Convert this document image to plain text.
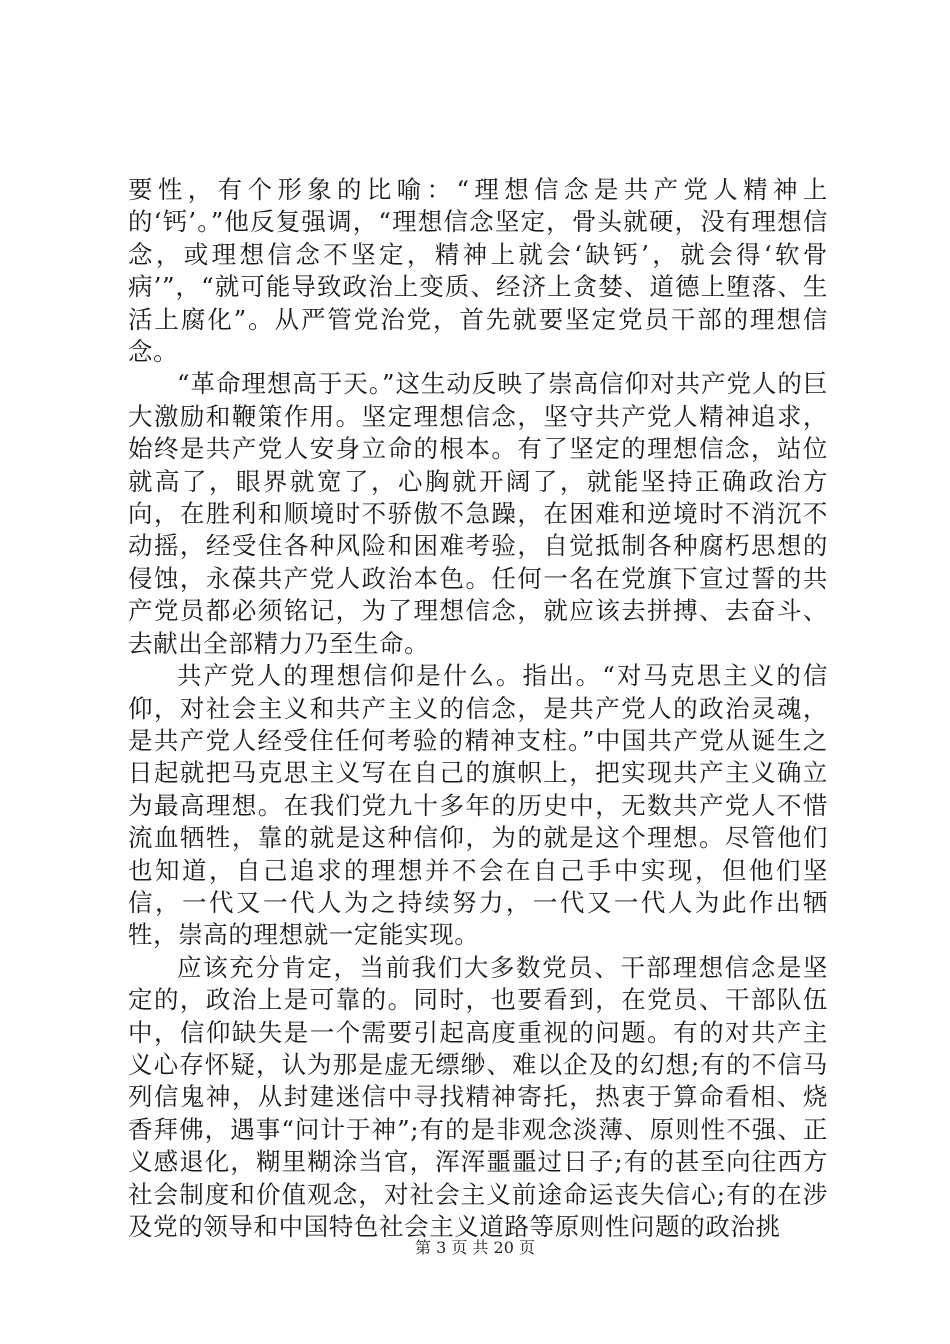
要性，有个形象的比喻：“理想信念是共产党人精神上的‘钙’。”他反复强调，“理想信念坚定，骨头就硬，没有理想信念，或理想信念不坚定，精神上就会‘缺钙’，就会得‘软骨病’”，“就可能导致政治上变质、经济上贪婪、道德上堕落、生活上腐化”。从严管党治党，首先就要坚定党员干部的理想信念。

“革命理想高于天。”这生动反映了崇高信仰对共产党人的巨大激励和鞭策作用。坚定理想信念，坚守共产党人精神追求，始终是共产党人安身立命的根本。有了坚定的理想信念，站位就高了，眼界就宽了，心胸就开阔了，就能坚持正确政治方向，在胜利和顺境时不骄傲不急躁，在困难和逆境时不消沉不动摇，经受住各种风险和困难考验，自觉抵制各种腐朽思想的侵蚀，永葆共产党人政治本色。任何一名在党旗下宣过誓的共产党员都必须铭记，为了理想信念，就应该去拼搏、去奋斗、去献出全部精力乃至生命。

共产党人的理想信仰是什么。指出。“对马克思主义的信仰，对社会主义和共产主义的信念，是共产党人的政治灵魂，是共产党人经受住任何考验的精神支柱。”中国共产党从诞生之日起就把马克思主义写在自己的旗帜上，把实现共产主义确立为最高理想。在我们党九十多年的历史中，无数共产党人不惜流血牺牲，靠的就是这种信仰，为的就是这个理想。尽管他们也知道，自己追求的理想并不会在自己手中实现，但他们坚信，一代又一代人为之持续努力，一代又一代人为此作出牺牲，崇高的理想就一定能实现。

应该充分肯定，当前我们大多数党员、干部理想信念是坚定的，政治上是可靠的。同时，也要看到，在党员、干部队伍中，信仰缺失是一个需要引起高度重视的问题。有的对共产主义心存怀疑，认为那是虚无缥缈、难以企及的幻想;有的不信马列信鬼神，从封建迷信中寻找精神寄托，热衷于算命看相、烧香拜佛，遇事“问计于神”;有的是非观念淡薄、原则性不强、正义感退化，糊里糊涂当官，浑浑噩噩过日子;有的甚至向往西方社会制度和价值观念，对社会主义前途命运丧失信心;有的在涉及党的领导和中国特色社会主义道路等原则性问题的政治挑

第 3 页 共 20 页
